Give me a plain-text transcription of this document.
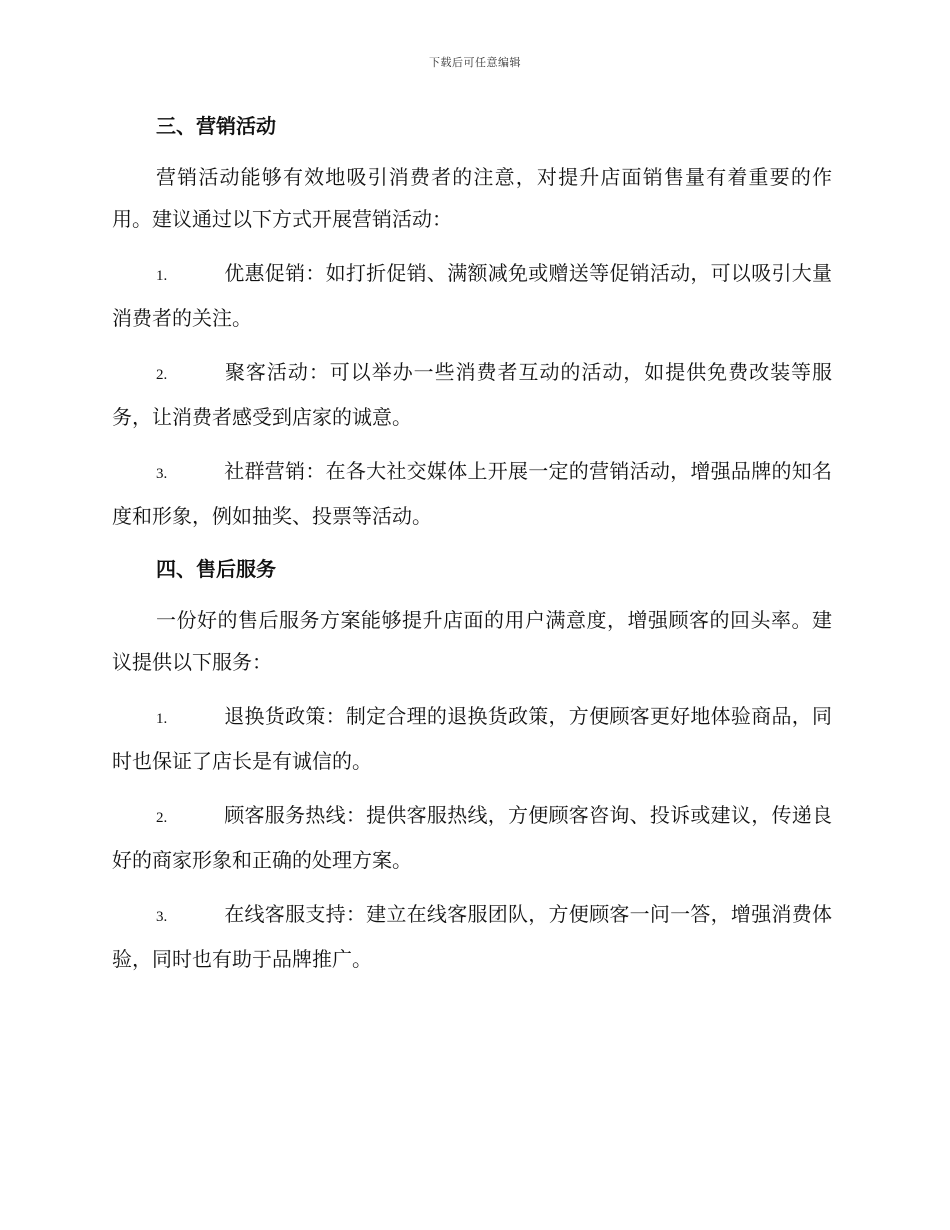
下载后可任意编辑
三、营销活动

营销活动能够有效地吸引消费者的注意，对提升店面销售量有着重要的作用。建议通过以下方式开展营销活动：

1.	优惠促销：如打折促销、满额减免或赠送等促销活动，可以吸引大量消费者的关注。
2.	聚客活动：可以举办一些消费者互动的活动，如提供免费改装等服务，让消费者感受到店家的诚意。
3.	社群营销：在各大社交媒体上开展一定的营销活动，增强品牌的知名度和形象，例如抽奖、投票等活动。
四、售后服务

一份好的售后服务方案能够提升店面的用户满意度，增强顾客的回头率。建议提供以下服务：

1.	退换货政策：制定合理的退换货政策，方便顾客更好地体验商品，同时也保证了店长是有诚信的。
2.	顾客服务热线：提供客服热线，方便顾客咨询、投诉或建议，传递良好的商家形象和正确的处理方案。
3.	在线客服支持：建立在线客服团队，方便顾客一问一答，增强消费体验，同时也有助于品牌推广。
